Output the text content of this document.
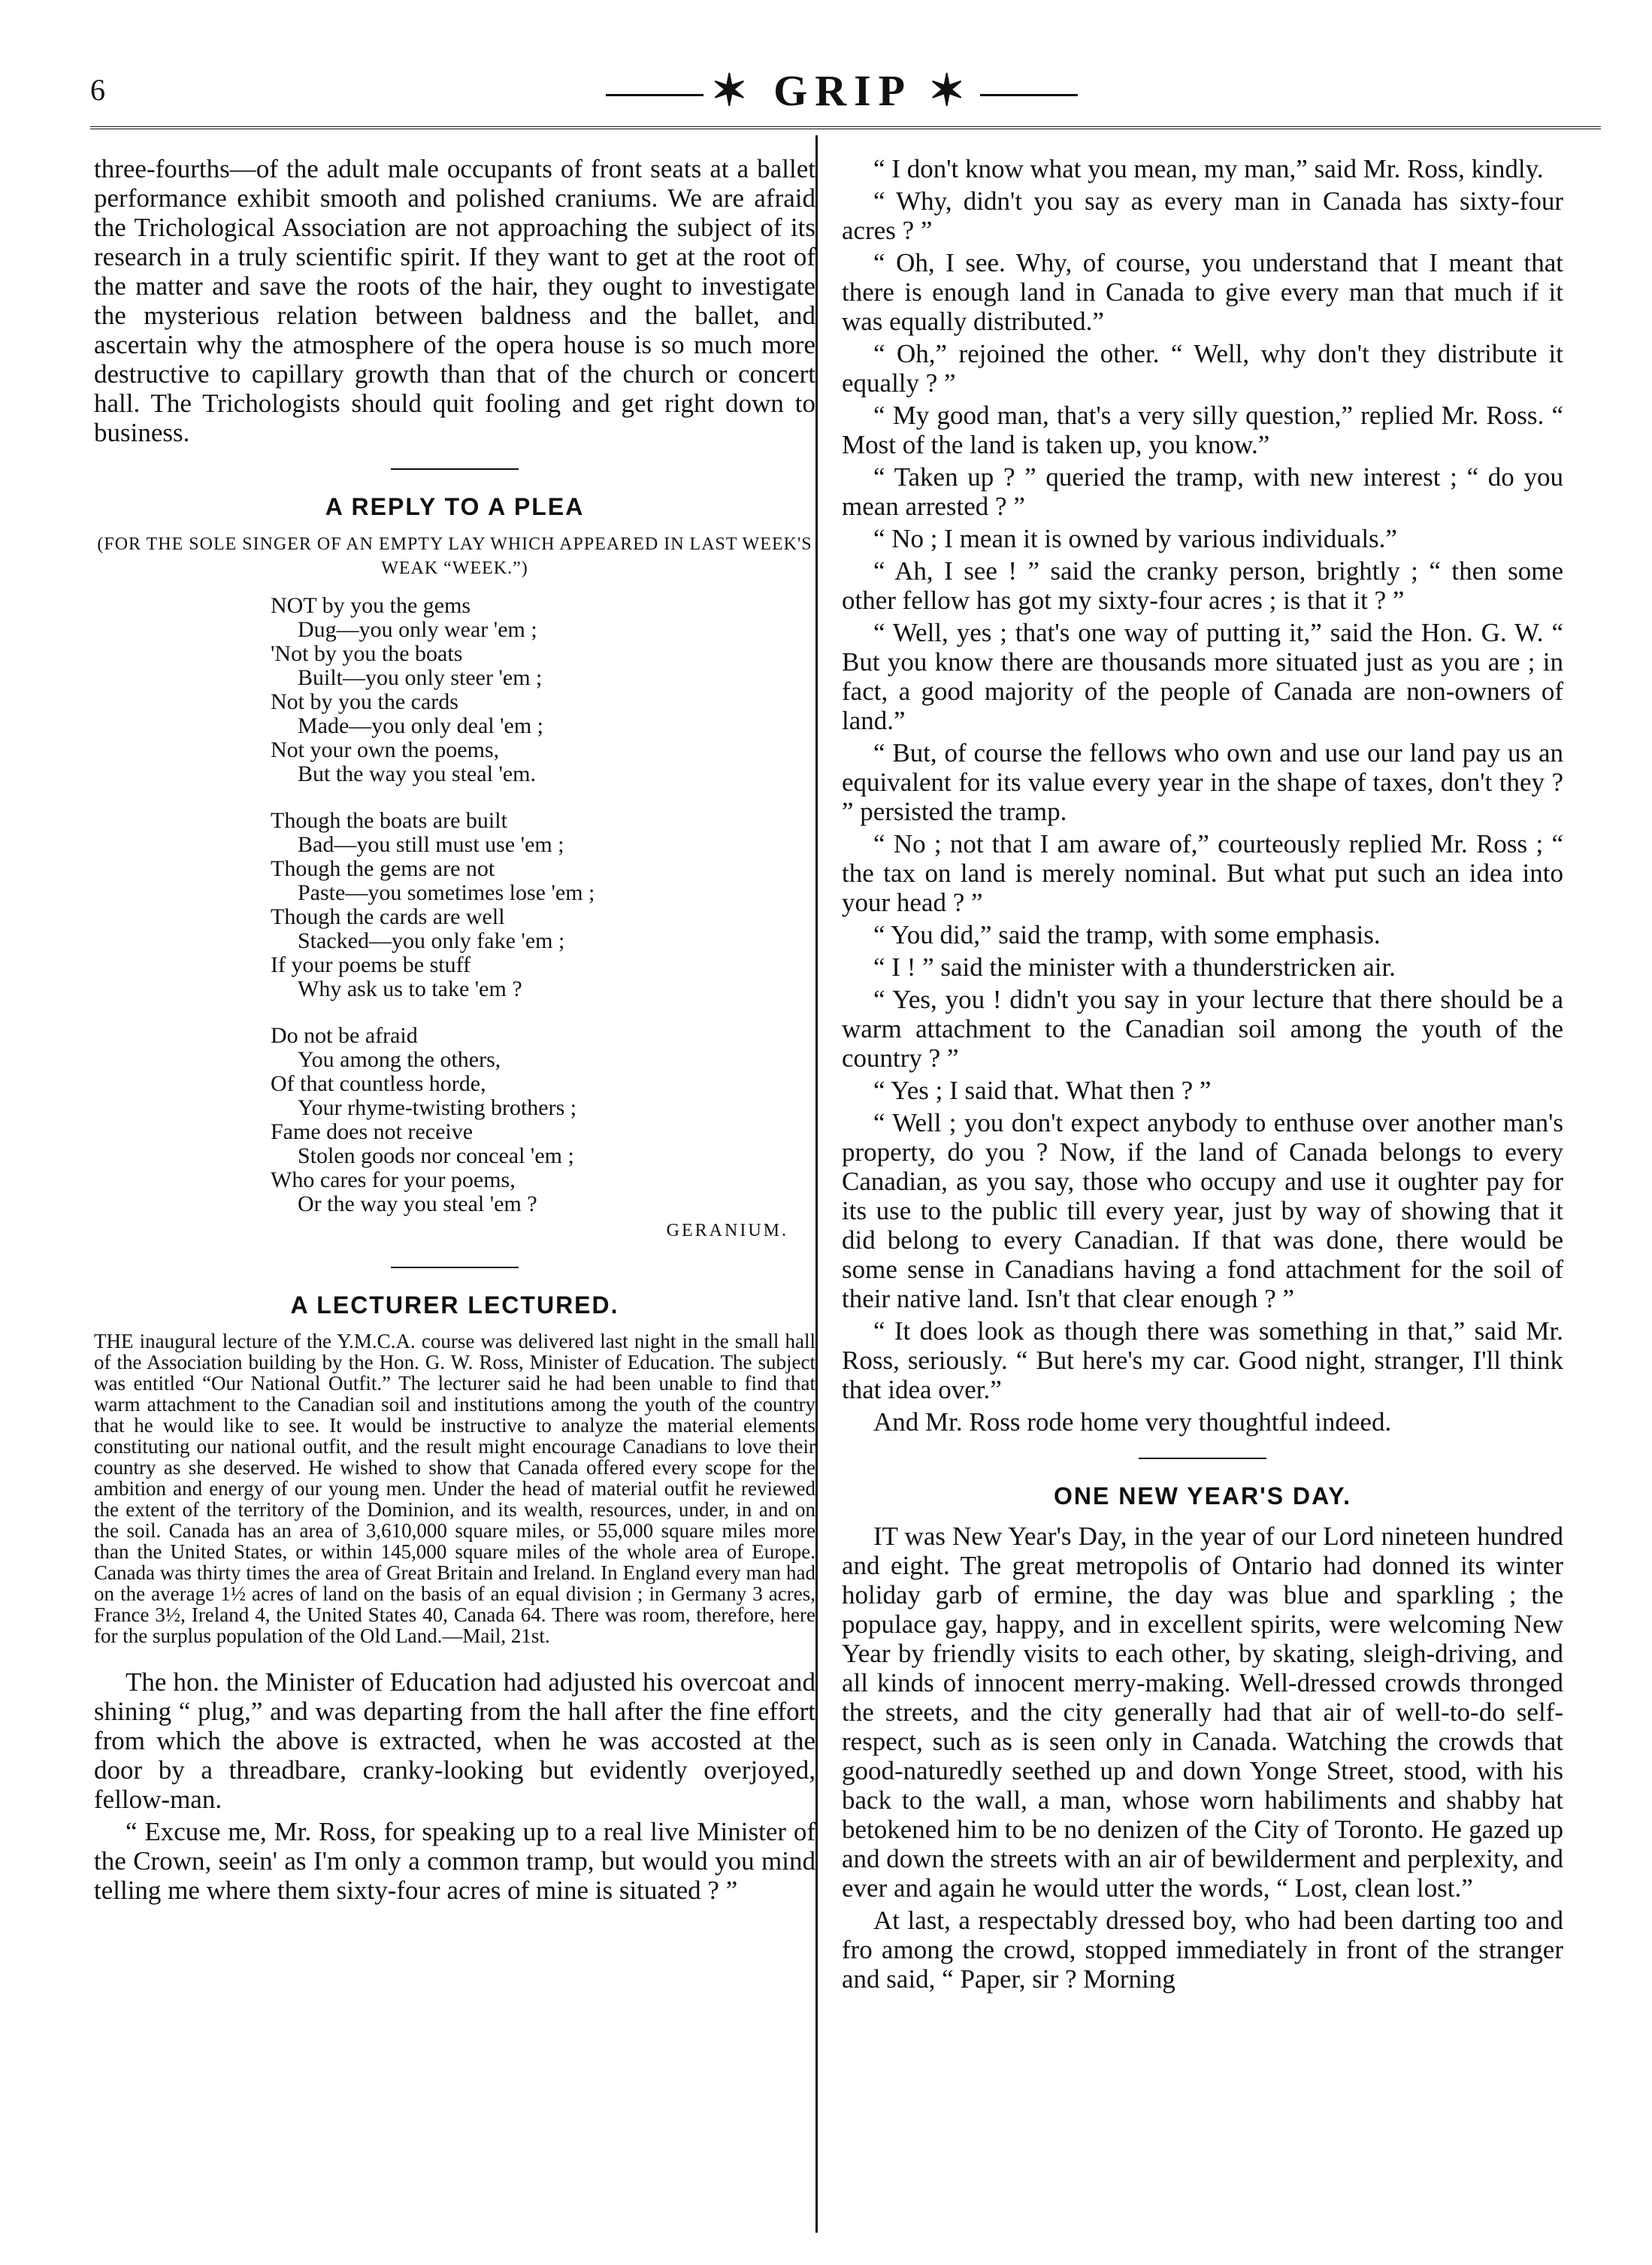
6	✶ GRIP ✶

three-fourths—of the adult male occupants of front seats at a ballet performance exhibit smooth and polished craniums. We are afraid the Trichological Association are not approaching the subject of its research in a truly scientific spirit. If they want to get at the root of the matter and save the roots of the hair, they ought to investigate the mysterious relation between baldness and the ballet, and ascertain why the atmosphere of the opera house is so much more destructive to capillary growth than that of the church or concert hall. The Trichologists should quit fooling and get right down to business.

A REPLY TO A PLEA
(FOR THE SOLE SINGER OF AN EMPTY LAY WHICH APPEARED IN LAST WEEK'S WEAK “WEEK.”)
NOT by you the gems
Dug—you only wear 'em ;
'Not by you the boats
Built—you only steer 'em ;
Not by you the cards
Made—you only deal 'em ;
Not your own the poems,
But the way you steal 'em.
Though the boats are built
Bad—you still must use 'em ;
Though the gems are not
Paste—you sometimes lose 'em ;
Though the cards are well
Stacked—you only fake 'em ;
If your poems be stuff
Why ask us to take 'em ?
Do not be afraid
You among the others,
Of that countless horde,
Your rhyme-twisting brothers ;
Fame does not receive
Stolen goods nor conceal 'em ;
Who cares for your poems,
Or the way you steal 'em ?
GERANIUM.
A LECTURER LECTURED.
THE inaugural lecture of the Y.M.C.A. course was delivered last night in the small hall of the Association building by the Hon. G. W. Ross, Minister of Education. The subject was entitled “Our National Outfit.” The lecturer said he had been unable to find that warm attachment to the Canadian soil and institutions among the youth of the country that he would like to see. It would be instructive to analyze the material elements constituting our national outfit, and the result might encourage Canadians to love their country as she deserved. He wished to show that Canada offered every scope for the ambition and energy of our young men. Under the head of material outfit he reviewed the extent of the territory of the Dominion, and its wealth, resources, under, in and on the soil. Canada has an area of 3,610,000 square miles, or 55,000 square miles more than the United States, or within 145,000 square miles of the whole area of Europe. Canada was thirty times the area of Great Britain and Ireland. In England every man had on the average 1½ acres of land on the basis of an equal division ; in Germany 3 acres, France 3½, Ireland 4, the United States 40, Canada 64. There was room, therefore, here for the surplus population of the Old Land.—Mail, 21st.

The hon. the Minister of Education had adjusted his overcoat and shining “ plug,” and was departing from the hall after the fine effort from which the above is extracted, when he was accosted at the door by a threadbare, cranky-looking but evidently overjoyed, fellow-man.

“ Excuse me, Mr. Ross, for speaking up to a real live Minister of the Crown, seein' as I'm only a common tramp, but would you mind telling me where them sixty-four acres of mine is situated ? ”

“ I don't know what you mean, my man,” said Mr. Ross, kindly.

“ Why, didn't you say as every man in Canada has sixty-four acres ? ”

“ Oh, I see. Why, of course, you understand that I meant that there is enough land in Canada to give every man that much if it was equally distributed.”

“ Oh,” rejoined the other. “ Well, why don't they distribute it equally ? ”

“ My good man, that's a very silly question,” replied Mr. Ross. “ Most of the land is taken up, you know.”

“ Taken up ? ” queried the tramp, with new interest ; “ do you mean arrested ? ”

“ No ; I mean it is owned by various individuals.”

“ Ah, I see ! ” said the cranky person, brightly ; “ then some other fellow has got my sixty-four acres ; is that it ? ”

“ Well, yes ; that's one way of putting it,” said the Hon. G. W. “ But you know there are thousands more situated just as you are ; in fact, a good majority of the people of Canada are non-owners of land.”

“ But, of course the fellows who own and use our land pay us an equivalent for its value every year in the shape of taxes, don't they ? ” persisted the tramp.

“ No ; not that I am aware of,” courteously replied Mr. Ross ; “ the tax on land is merely nominal. But what put such an idea into your head ? ”

“ You did,” said the tramp, with some emphasis.

“ I ! ” said the minister with a thunderstricken air.

“ Yes, you ! didn't you say in your lecture that there should be a warm attachment to the Canadian soil among the youth of the country ? ”

“ Yes ; I said that. What then ? ”

“ Well ; you don't expect anybody to enthuse over another man's property, do you ? Now, if the land of Canada belongs to every Canadian, as you say, those who occupy and use it oughter pay for its use to the public till every year, just by way of showing that it did belong to every Canadian. If that was done, there would be some sense in Canadians having a fond attachment for the soil of their native land. Isn't that clear enough ? ”

“ It does look as though there was something in that,” said Mr. Ross, seriously. “ But here's my car. Good night, stranger, I'll think that idea over.”

And Mr. Ross rode home very thoughtful indeed.

ONE NEW YEAR'S DAY.

IT was New Year's Day, in the year of our Lord nineteen hundred and eight. The great metropolis of Ontario had donned its winter holiday garb of ermine, the day was blue and sparkling ; the populace gay, happy, and in excellent spirits, were welcoming New Year by friendly visits to each other, by skating, sleigh-driving, and all kinds of innocent merry-making. Well-dressed crowds thronged the streets, and the city generally had that air of well-to-do self-respect, such as is seen only in Canada. Watching the crowds that good-naturedly seethed up and down Yonge Street, stood, with his back to the wall, a man, whose worn habiliments and shabby hat betokened him to be no denizen of the City of Toronto. He gazed up and down the streets with an air of bewilderment and perplexity, and ever and again he would utter the words, “ Lost, clean lost.”

At last, a respectably dressed boy, who had been darting too and fro among the crowd, stopped immediately in front of the stranger and said, “ Paper, sir ? Morning
